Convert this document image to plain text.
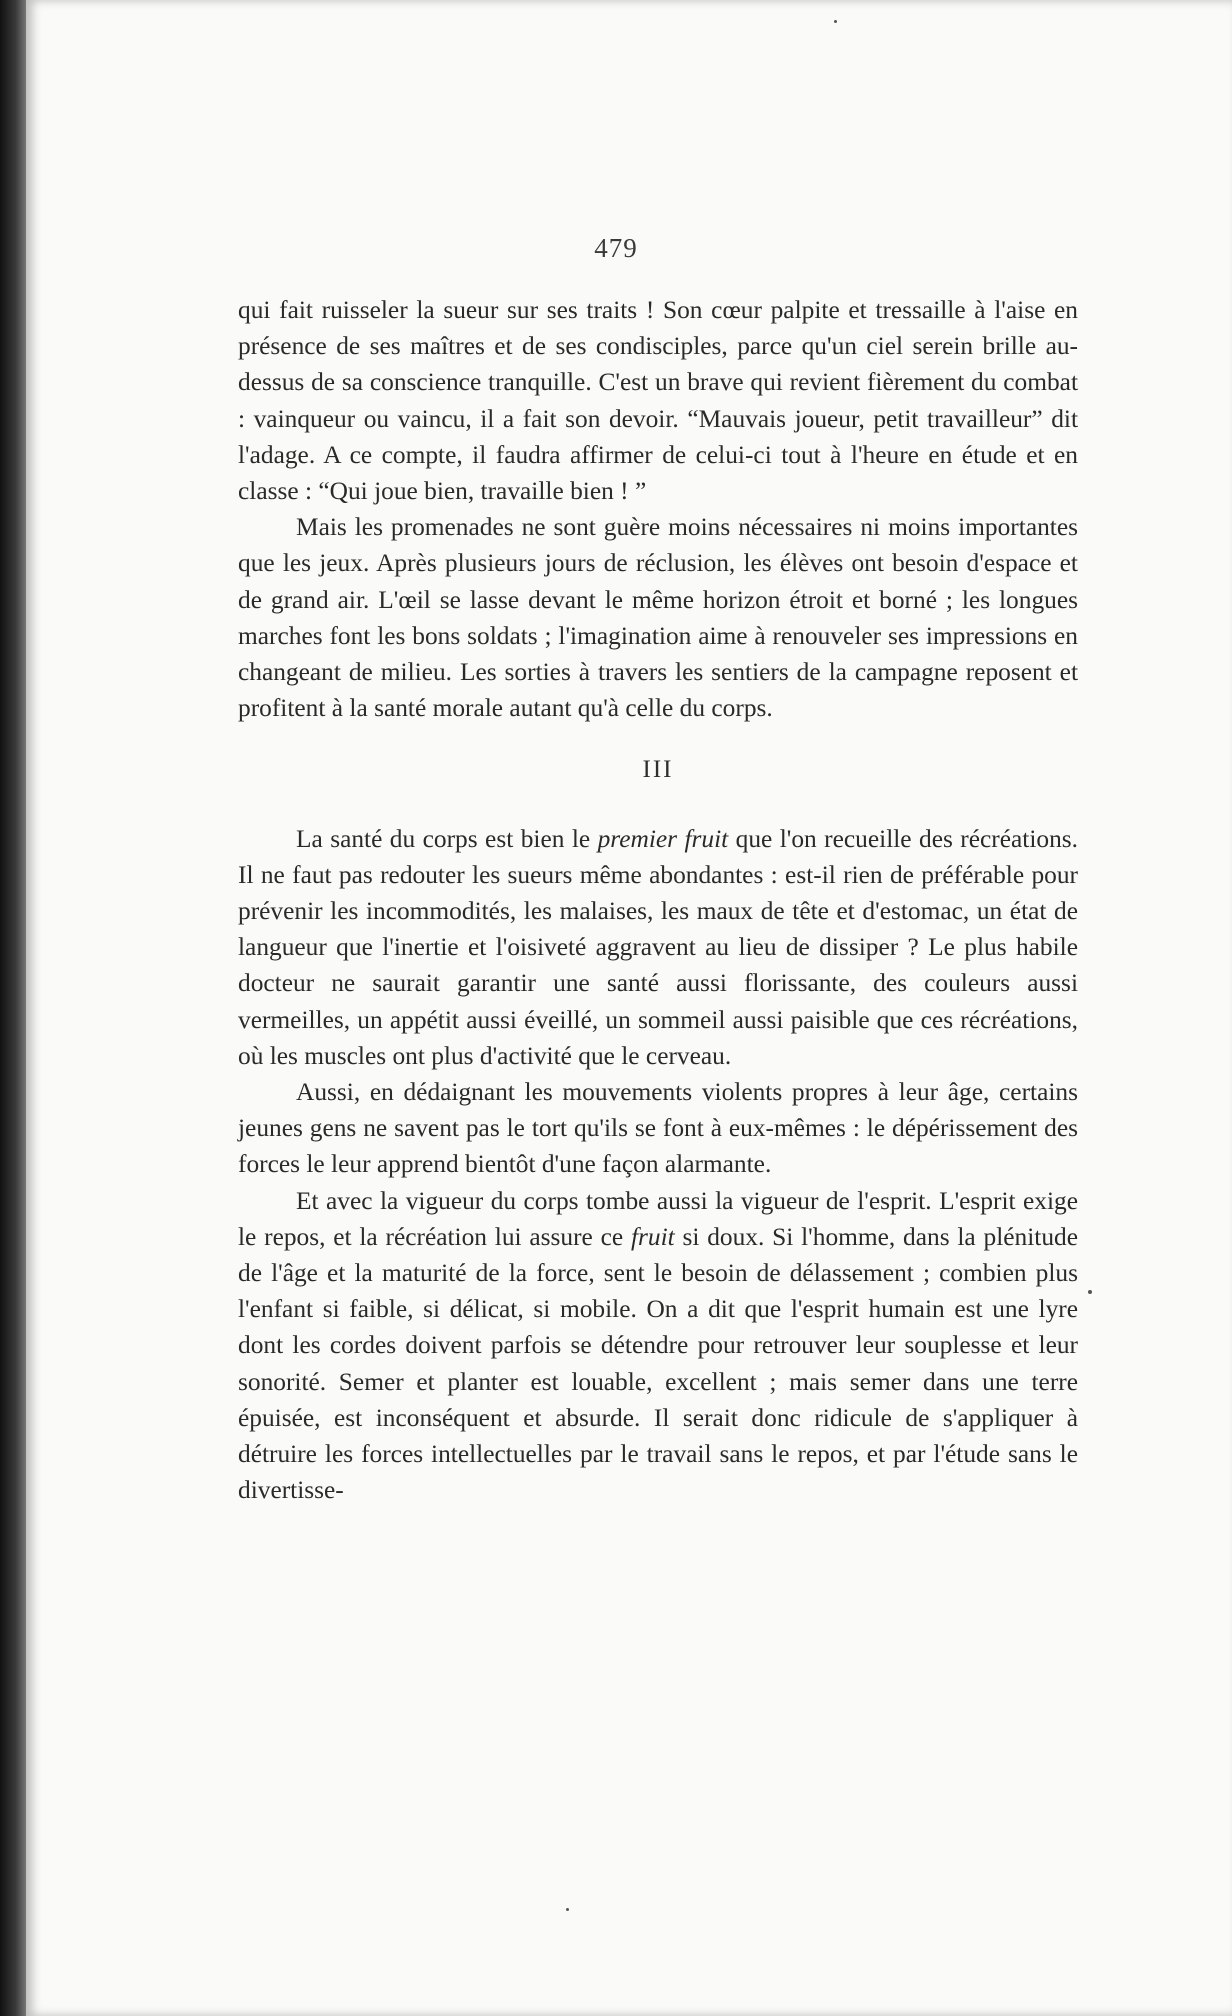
479

qui fait ruisseler la sueur sur ses traits ! Son cœur palpite et tressaille à l'aise en présence de ses maîtres et de ses condisciples, parce qu'un ciel serein brille au-dessus de sa conscience tranquille. C'est un brave qui revient fièrement du combat : vainqueur ou vaincu, il a fait son devoir. “Mauvais joueur, petit travailleur” dit l'adage. A ce compte, il faudra affirmer de celui-ci tout à l'heure en étude et en classe : “Qui joue bien, travaille bien ! ”

Mais les promenades ne sont guère moins nécessaires ni moins importantes que les jeux. Après plusieurs jours de réclusion, les élèves ont besoin d'espace et de grand air. L'œil se lasse devant le même horizon étroit et borné ; les longues marches font les bons soldats ; l'imagination aime à renouveler ses impressions en changeant de milieu. Les sorties à travers les sentiers de la campagne reposent et profitent à la santé morale autant qu'à celle du corps.

III

La santé du corps est bien le premier fruit que l'on recueille des récréations. Il ne faut pas redouter les sueurs même abondantes : est-il rien de préférable pour prévenir les incommodités, les malaises, les maux de tête et d'estomac, un état de langueur que l'inertie et l'oisiveté aggravent au lieu de dissiper ? Le plus habile docteur ne saurait garantir une santé aussi florissante, des couleurs aussi vermeilles, un appétit aussi éveillé, un sommeil aussi paisible que ces récréations, où les muscles ont plus d'activité que le cerveau.

Aussi, en dédaignant les mouvements violents propres à leur âge, certains jeunes gens ne savent pas le tort qu'ils se font à eux-mêmes : le dépérissement des forces le leur apprend bientôt d'une façon alarmante.

Et avec la vigueur du corps tombe aussi la vigueur de l'esprit. L'esprit exige le repos, et la récréation lui assure ce fruit si doux. Si l'homme, dans la plénitude de l'âge et la maturité de la force, sent le besoin de délassement ; combien plus l'enfant si faible, si délicat, si mobile. On a dit que l'esprit humain est une lyre dont les cordes doivent parfois se détendre pour retrouver leur souplesse et leur sonorité. Semer et planter est louable, excellent ; mais semer dans une terre épuisée, est inconséquent et absurde. Il serait donc ridicule de s'appliquer à détruire les forces intellectuelles par le travail sans le repos, et par l'étude sans le divertisse-
